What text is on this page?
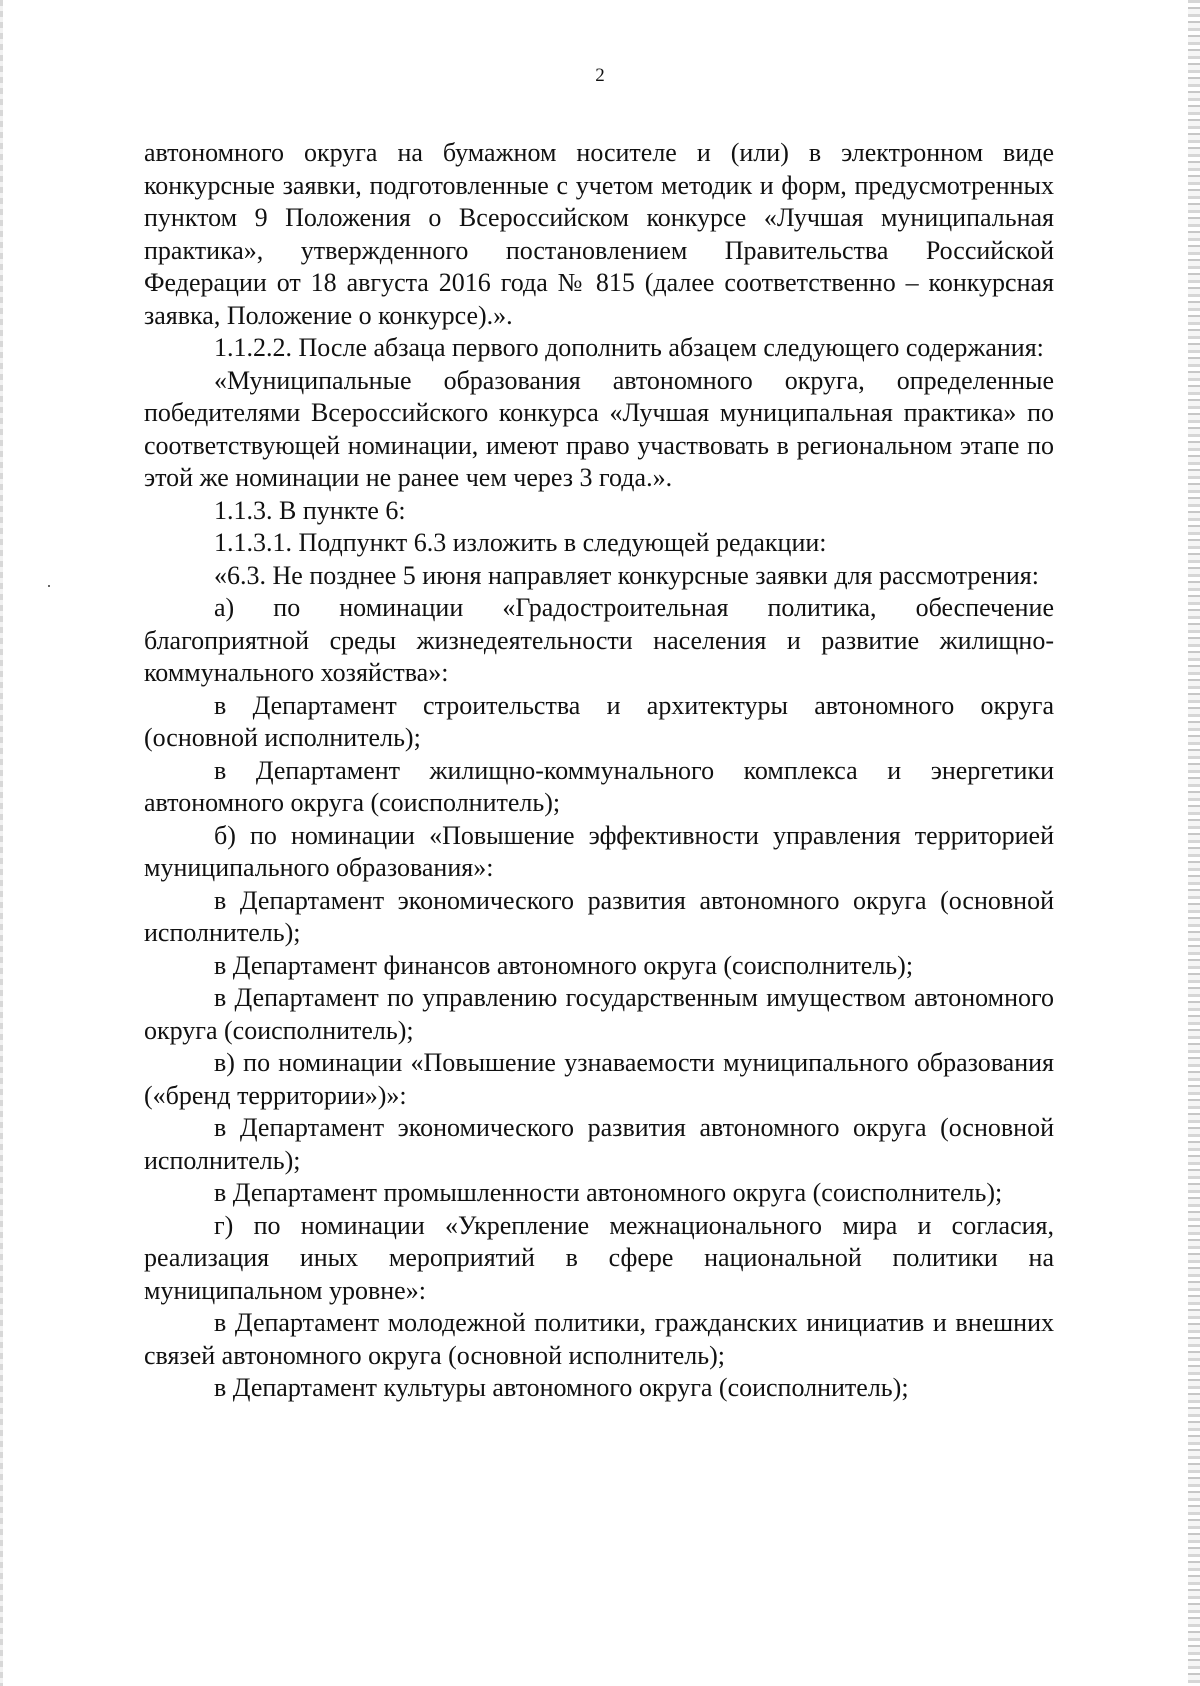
2

автономного округа на бумажном носителе и (или) в электронном виде конкурсные заявки, подготовленные с учетом методик и форм, предусмотренных пунктом 9 Положения о Всероссийском конкурсе «Лучшая муниципальная практика», утвержденного постановлением Правительства Российской Федерации от 18 августа 2016 года № 815 (далее соответственно – конкурсная заявка, Положение о конкурсе).».

1.1.2.2. После абзаца первого дополнить абзацем следующего содержания:

«Муниципальные образования автономного округа, определенные победителями Всероссийского конкурса «Лучшая муниципальная практика» по соответствующей номинации, имеют право участвовать в региональном этапе по этой же номинации не ранее чем через 3 года.».

1.1.3. В пункте 6:

1.1.3.1. Подпункт 6.3 изложить в следующей редакции:

«6.3. Не позднее 5 июня направляет конкурсные заявки для рассмотрения:

а) по номинации «Градостроительная политика, обеспечение благоприятной среды жизнедеятельности населения и развитие жилищно-коммунального хозяйства»:

в Департамент строительства и архитектуры автономного округа (основной исполнитель);

в Департамент жилищно-коммунального комплекса и энергетики автономного округа (соисполнитель);

б) по номинации «Повышение эффективности управления территорией муниципального образования»:

в Департамент экономического развития автономного округа (основной исполнитель);

в Департамент финансов автономного округа (соисполнитель);

в Департамент по управлению государственным имуществом автономного округа (соисполнитель);

в) по номинации «Повышение узнаваемости муниципального образования («бренд территории»)»:

в Департамент экономического развития автономного округа (основной исполнитель);

в Департамент промышленности автономного округа (соисполнитель);

г) по номинации «Укрепление межнационального мира и согласия, реализация иных мероприятий в сфере национальной политики на муниципальном уровне»:

в Департамент молодежной политики, гражданских инициатив и внешних связей автономного округа (основной исполнитель);

в Департамент культуры автономного округа (соисполнитель);
